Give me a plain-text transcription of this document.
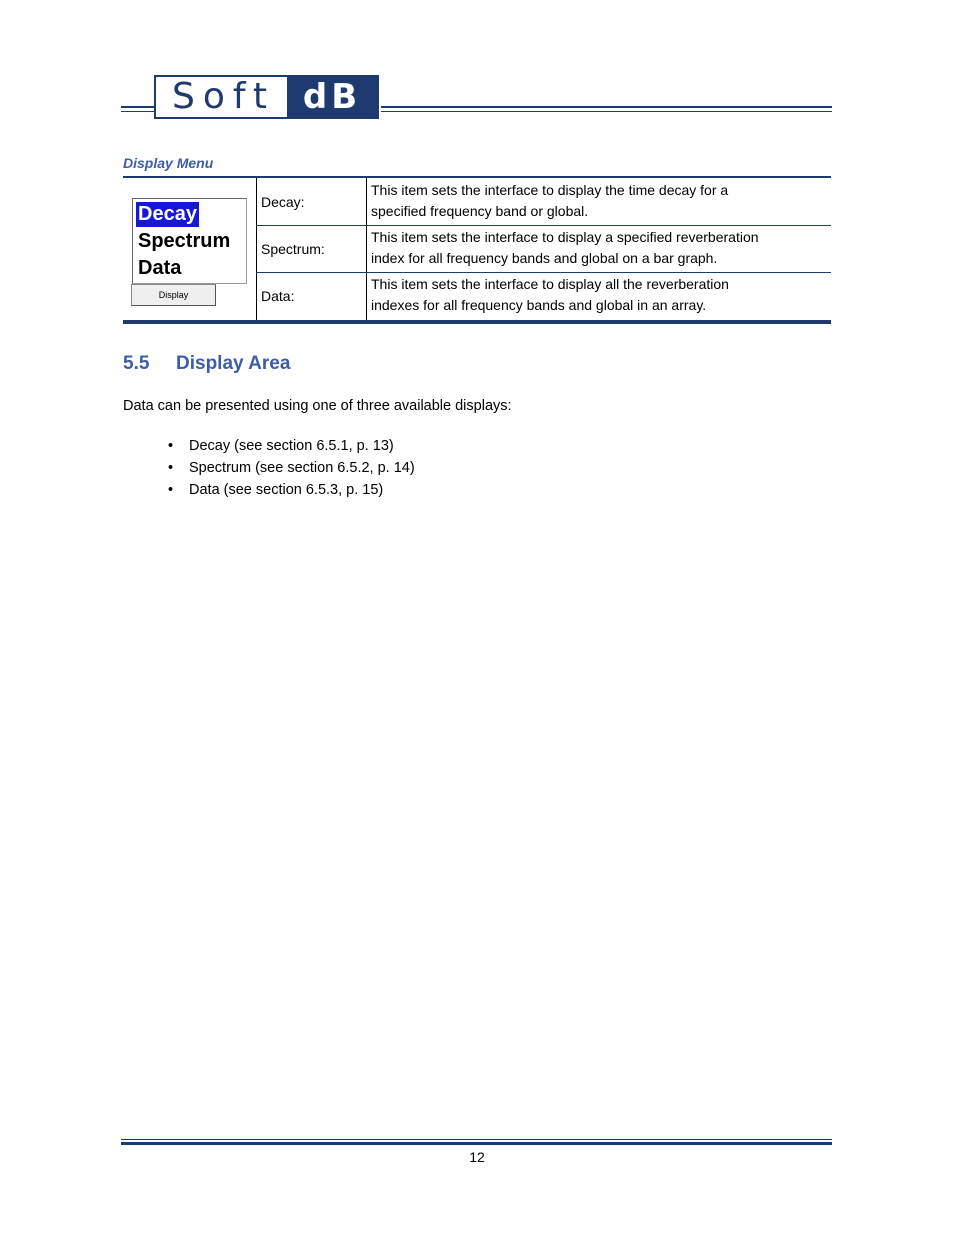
Soft dB
Display Menu
Decay:
This item sets the interface to display the time decay for a
specified frequency band or global.
Spectrum:
This item sets the interface to display a specified reverberation
index for all frequency bands and global on a bar graph.
Data:
This item sets the interface to display all the reverberation
indexes for all frequency bands and global in an array.
Decay
Spectrum
Data
Display
5.5 Display Area
Data can be presented using one of three available displays:
• Decay (see section 6.5.1, p. 13)
• Spectrum (see section 6.5.2, p. 14)
• Data (see section 6.5.3, p. 15)
12
